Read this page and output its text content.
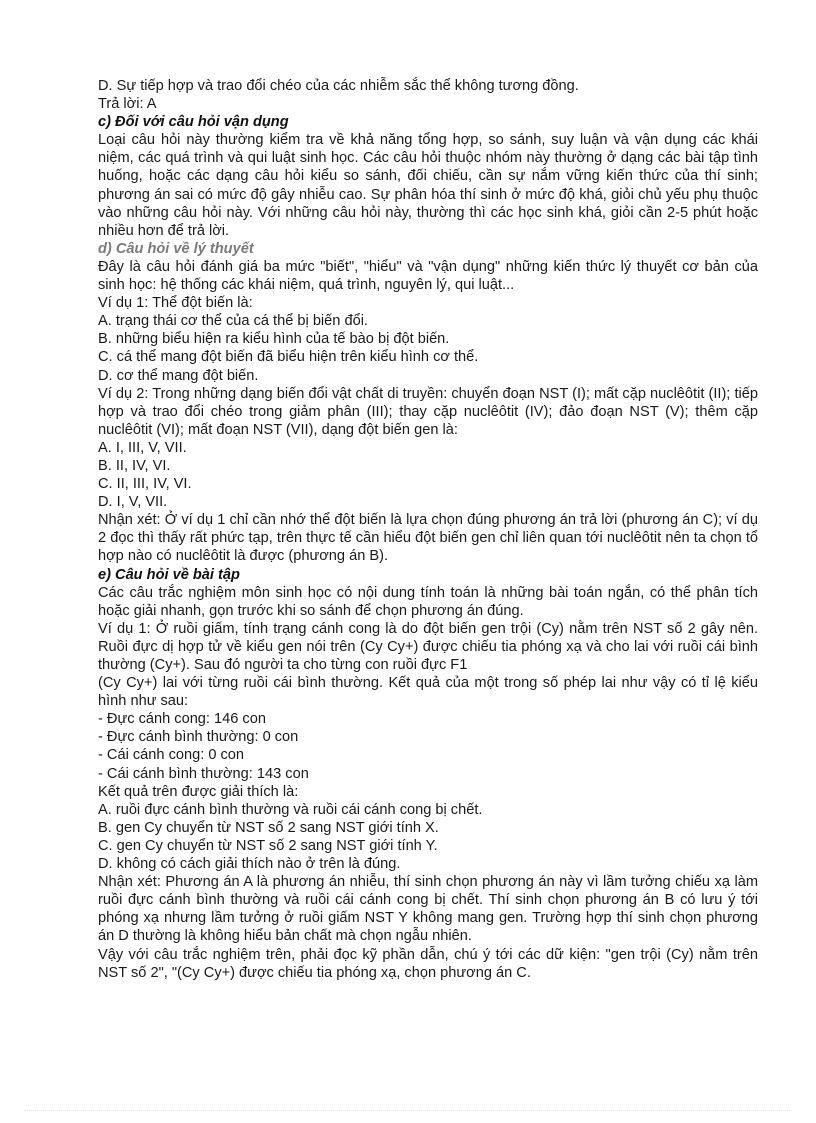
D. Sự tiếp hợp và trao đổi chéo của các nhiễm sắc thể không tương đồng.
Trả lời: A
c) Đối với câu hỏi vận dụng
Loại câu hỏi này thường kiểm tra về khả năng tổng hợp, so sánh, suy luận và vận dụng các khái niệm, các quá trình và qui luật sinh học. Các câu hỏi thuộc nhóm này thường ở dạng các bài tập tình huống, hoặc các dạng câu hỏi kiểu so sánh, đối chiếu, cần sự nắm vững kiến thức của thí sinh; phương án sai có mức độ gây nhiễu cao. Sự phân hóa thí sinh ở mức độ khá, giỏi chủ yếu phụ thuộc vào những câu hỏi này. Với những câu hỏi này, thường thì các học sinh khá, giỏi cần 2-5 phút hoặc nhiều hơn để trả lời.
d) Câu hỏi về lý thuyết
Đây là câu hỏi đánh giá ba mức "biết", "hiểu" và "vận dụng" những kiến thức lý thuyết cơ bản của sinh học: hệ thống các khái niệm, quá trình, nguyên lý, qui luật...
Ví dụ 1: Thể đột biến là:
A. trạng thái cơ thể của cá thể bị biến đổi.
B. những biểu hiện ra kiểu hình của tế bào bị đột biến.
C. cá thể mang đột biến đã biểu hiện trên kiểu hình cơ thể.
D. cơ thể mang đột biến.
Ví dụ 2: Trong những dạng biến đổi vật chất di truyền: chuyển đoạn NST (I); mất cặp nuclêôtit (II); tiếp hợp và trao đổi chéo trong giảm phân (III); thay cặp nuclêôtit (IV); đảo đoạn NST (V); thêm cặp nuclêôtit (VI); mất đoạn NST (VII), dạng đột biến gen là:
A. I, III, V, VII.
B. II, IV, VI.
C. II, III, IV, VI.
D. I, V, VII.
Nhận xét: Ở ví dụ 1 chỉ cần nhớ thể đột biến là lựa chọn đúng phương án trả lời (phương án C); ví dụ 2 đọc thì thấy rất phức tạp, trên thực tế cần hiểu đột biến gen chỉ liên quan tới nuclêôtit nên ta chọn tổ hợp nào có nuclêôtit là được (phương án B).
e) Câu hỏi về bài tập
Các câu trắc nghiệm môn sinh học có nội dung tính toán là những bài toán ngắn, có thể phân tích hoặc giải nhanh, gọn trước khi so sánh để chọn phương án đúng.
Ví dụ 1: Ở ruồi giấm, tính trạng cánh cong là do đột biến gen trội (Cy) nằm trên NST số 2 gây nên. Ruồi đực dị hợp tử về kiểu gen nói trên (Cy Cy+) được chiếu tia phóng xạ và cho lai với ruồi cái bình thường (Cy+). Sau đó người ta cho từng con ruồi đực F1
(Cy Cy+) lai với từng ruồi cái bình thường. Kết quả của một trong số phép lai như vậy có tỉ lệ kiểu hình như sau:
- Đực cánh cong: 146 con
- Đực cánh bình thường: 0 con
- Cái cánh cong: 0 con
- Cái cánh bình thường: 143 con
Kết quả trên được giải thích là:
A. ruồi đực cánh bình thường và ruồi cái cánh cong bị chết.
B. gen Cy chuyển từ NST số 2 sang NST giới tính X.
C. gen Cy chuyển từ NST số 2 sang NST giới tính Y.
D. không có cách giải thích nào ở trên là đúng.
Nhận xét: Phương án A là phương án nhiễu, thí sinh chọn phương án này vì lầm tưởng chiếu xạ làm ruồi đực cánh bình thường và ruồi cái cánh cong bị chết. Thí sinh chọn phương án B có lưu ý tới phóng xạ nhưng lầm tưởng ở ruồi giấm NST Y không mang gen. Trường hợp thí sinh chọn phương án D thường là không hiểu bản chất mà chọn ngẫu nhiên.
Vậy với câu trắc nghiệm trên, phải đọc kỹ phần dẫn, chú ý tới các dữ kiện: "gen trội (Cy) nằm trên NST số 2", "(Cy Cy+) được chiếu tia phóng xạ, chọn phương án C.
